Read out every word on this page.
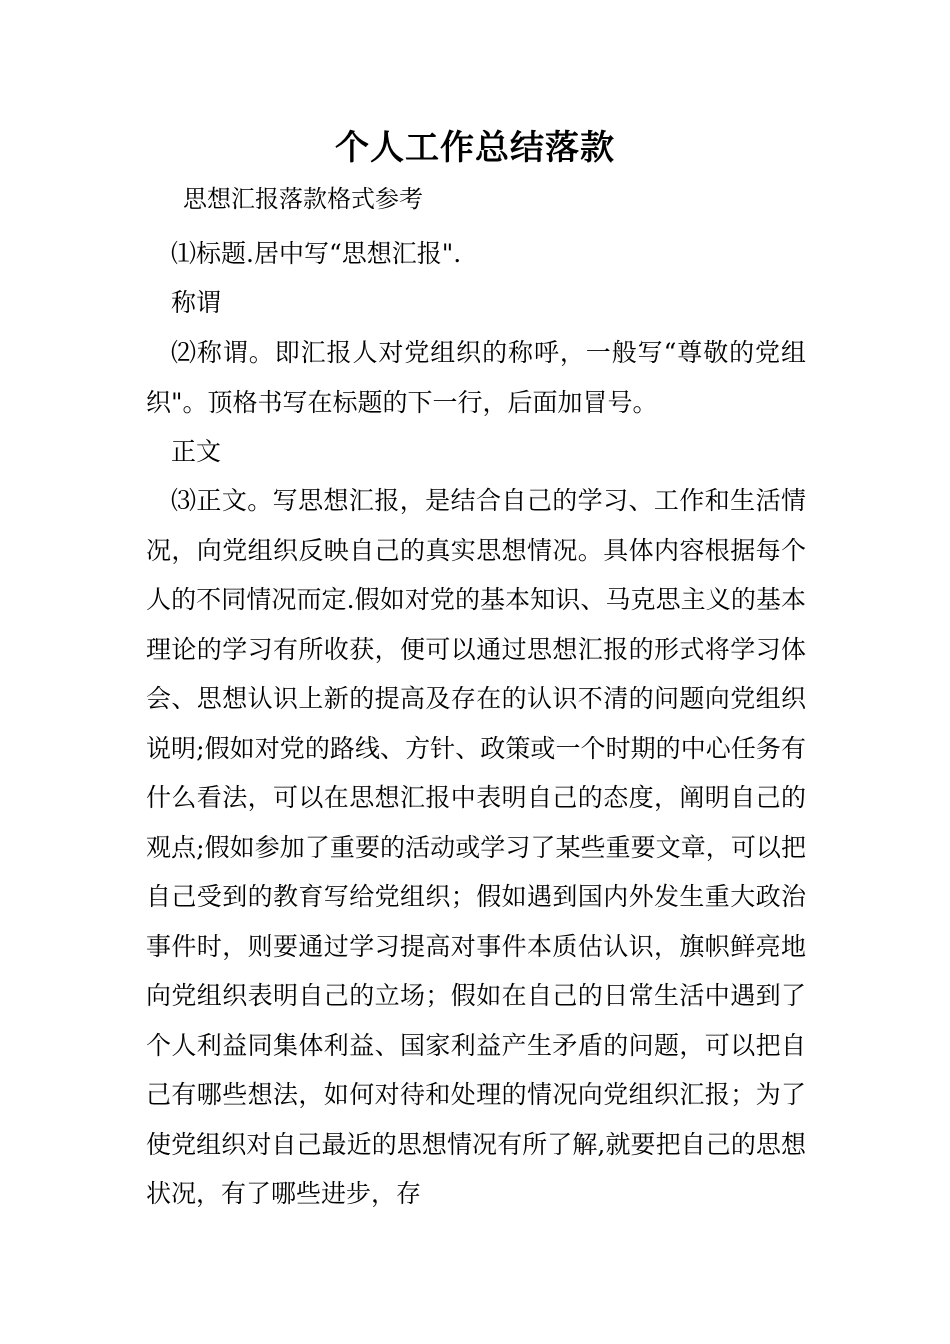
个人工作总结落款
思想汇报落款格式参考

⑴标题.居中写“思想汇报".

称谓

⑵称谓。即汇报人对党组织的称呼，一般写“尊敬的党组织"。顶格书写在标题的下一行，后面加冒号。

正文

⑶正文。写思想汇报，是结合自己的学习、工作和生活情况，向党组织反映自己的真实思想情况。具体内容根据每个人的不同情况而定.假如对党的基本知识、马克思主义的基本理论的学习有所收获，便可以通过思想汇报的形式将学习体会、思想认识上新的提高及存在的认识不清的问题向党组织说明;假如对党的路线、方针、政策或一个时期的中心任务有什么看法，可以在思想汇报中表明自己的态度，阐明自己的观点;假如参加了重要的活动或学习了某些重要文章，可以把自己受到的教育写给党组织；假如遇到国内外发生重大政治事件时，则要通过学习提高对事件本质估认识，旗帜鲜亮地向党组织表明自己的立场；假如在自己的日常生活中遇到了个人利益同集体利益、国家利益产生矛盾的问题，可以把自己有哪些想法，如何对待和处理的情况向党组织汇报；为了使党组织对自己最近的思想情况有所了解,就要把自己的思想状况，有了哪些进步，存
